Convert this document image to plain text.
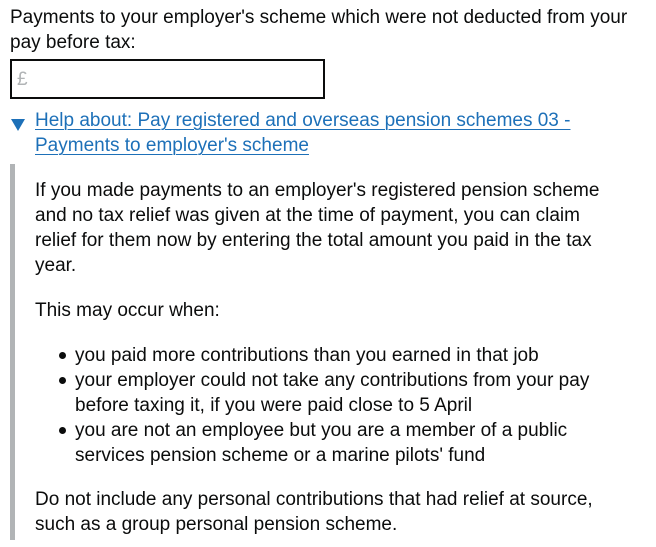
Payments to your employer's scheme which were not deducted from your pay before tax:
£
Help about: Pay registered and overseas pension schemes 03 - Payments to employer's scheme

If you made payments to an employer's registered pension scheme and no tax relief was given at the time of payment, you can claim relief for them now by entering the total amount you paid in the tax year.

This may occur when:

you paid more contributions than you earned in that job
your employer could not take any contributions from your pay before taxing it, if you were paid close to 5 April
you are not an employee but you are a member of a public services pension scheme or a marine pilots' fund

Do not include any personal contributions that had relief at source, such as a group personal pension scheme.
